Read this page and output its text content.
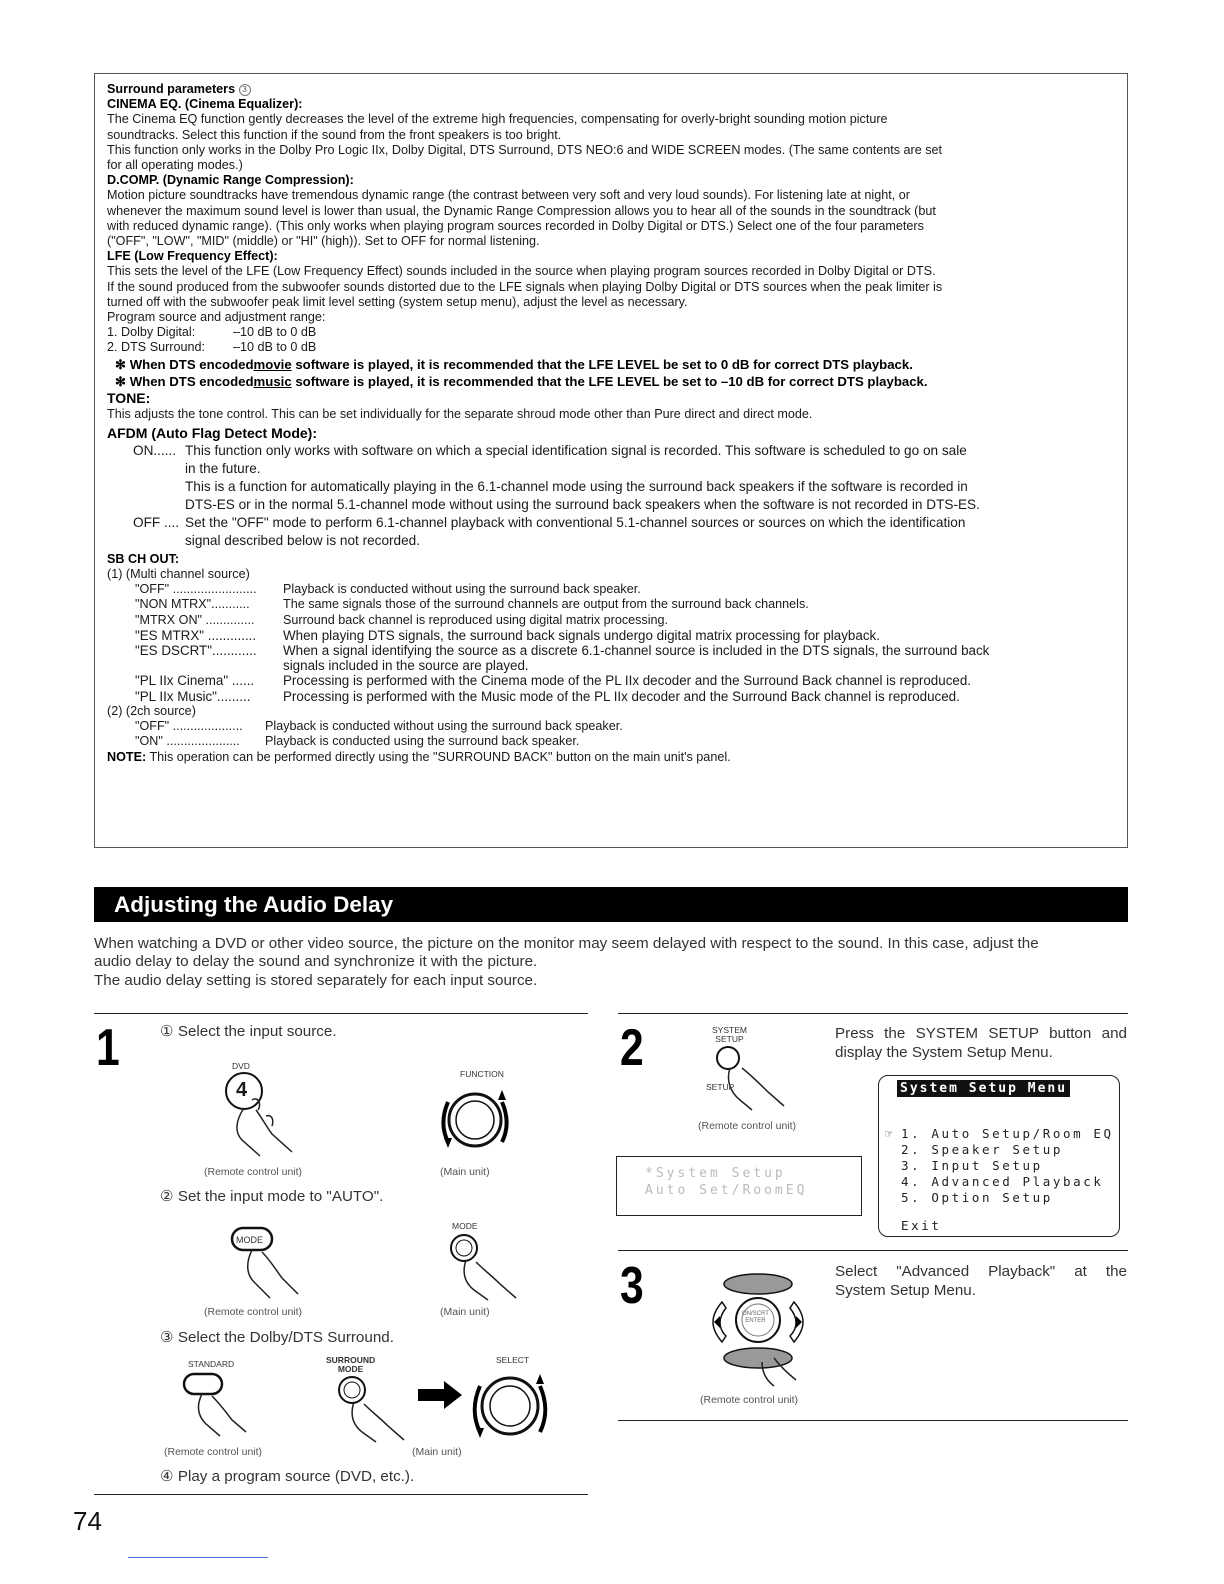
Surround parameters 3

CINEMA EQ. (Cinema Equalizer):

The Cinema EQ function gently decreases the level of the extreme high frequencies, compensating for overly-bright sounding motion picture

soundtracks. Select this function if the sound from the front speakers is too bright.

This function only works in the Dolby Pro Logic IIx, Dolby Digital, DTS Surround, DTS NEO:6 and WIDE SCREEN modes. (The same contents are set

for all operating modes.)

D.COMP. (Dynamic Range Compression):

Motion picture soundtracks have tremendous dynamic range (the contrast between very soft and very loud sounds). For listening late at night, or

whenever the maximum sound level is lower than usual, the Dynamic Range Compression allows you to hear all of the sounds in the soundtrack (but

with reduced dynamic range). (This only works when playing program sources recorded in Dolby Digital or DTS.) Select one of the four parameters

("OFF", "LOW", "MID" (middle) or "HI" (high)). Set to OFF for normal listening.

LFE (Low Frequency Effect):

This sets the level of the LFE (Low Frequency Effect) sounds included in the source when playing program sources recorded in Dolby Digital or DTS.

If the sound produced from the subwoofer sounds distorted due to the LFE signals when playing Dolby Digital or DTS sources when the peak limiter is

turned off with the subwoofer peak limit level setting (system setup menu), adjust the level as necessary.

Program source and adjustment range:

1. Dolby Digital:	–10 dB to 0 dB
2. DTS Surround:	–10 dB to 0 dB

✻ When DTS encodedmovie software is played, it is recommended that the LFE LEVEL be set to 0 dB for correct DTS playback.

✻ When DTS encodedmusic software is played, it is recommended that the LFE LEVEL be set to –10 dB for correct DTS playback.

TONE:

This adjusts the tone control. This can be set individually for the separate shroud mode other than Pure direct and direct mode.

AFDM (Auto Flag Detect Mode):

ON...... This function only works with software on which a special identification signal is recorded. This software is scheduled to go on sale
in the future.
This is a function for automatically playing in the 6.1-channel mode using the surround back speakers if the software is recorded in
DTS-ES or in the normal 5.1-channel mode without using the surround back speakers when the software is not recorded in DTS-ES.
OFF .... Set the "OFF" mode to perform 6.1-channel playback with conventional 5.1-channel sources or sources on which the identification
signal described below is not recorded.

SB CH OUT:

(1) (Multi channel source)

"OFF" ........................	Playback is conducted without using the surround back speaker.
"NON MTRX"...........	The same signals those of the surround channels are output from the surround back channels.
"MTRX ON" ..............	Surround back channel is reproduced using digital matrix processing.
"ES MTRX" .............	When playing DTS signals, the surround back signals undergo digital matrix processing for playback.
"ES DSCRT"............	When a signal identifying the source as a discrete 6.1-channel source is included in the DTS signals, the surround back
signals included in the source are played.
"PL IIx Cinema" ......	Processing is performed with the Cinema mode of the PL IIx decoder and the Surround Back channel is reproduced.
"PL IIx Music".........	Processing is performed with the Music mode of the PL IIx decoder and the Surround Back channel is reproduced.

(2) (2ch source)

"OFF" ....................	Playback is conducted without using the surround back speaker.
"ON" .....................	Playback is conducted using the surround back speaker.

NOTE: This operation can be performed directly using the "SURROUND BACK" button on the main unit's panel.

Adjusting the Audio Delay

When watching a DVD or other video source, the picture on the monitor may seem delayed with respect to the sound. In this case, adjust the

audio delay to delay the sound and synchronize it with the picture.

The audio delay setting is stored separately for each input source.

1	① Select the input source.
DVD
4
FUNCTION
(Remote control unit)	(Main unit)
② Set the input mode to "AUTO".
MODE
MODE
(Remote control unit)	(Main unit)
③ Select the Dolby/DTS Surround.
STANDARD	SURROUND
MODE
SELECT
(Remote control unit)	(Main unit)
④ Play a program source (DVD, etc.).
2	SYSTEM
SETUP
SETUP
(Remote control unit)
Press the SYSTEM SETUP button and
display the System Setup Menu.
*System Setup
Auto Set/RoomEQ
System Setup Menu
☞ 1. Auto Setup/Room EQ
2. Speaker Setup
3. Input Setup
4. Advanced Playback
5. Option Setup
Exit
3	ON/SCRT
ENTER
(Remote control unit)
Select "Advanced Playback" at the
System Setup Menu.
74
